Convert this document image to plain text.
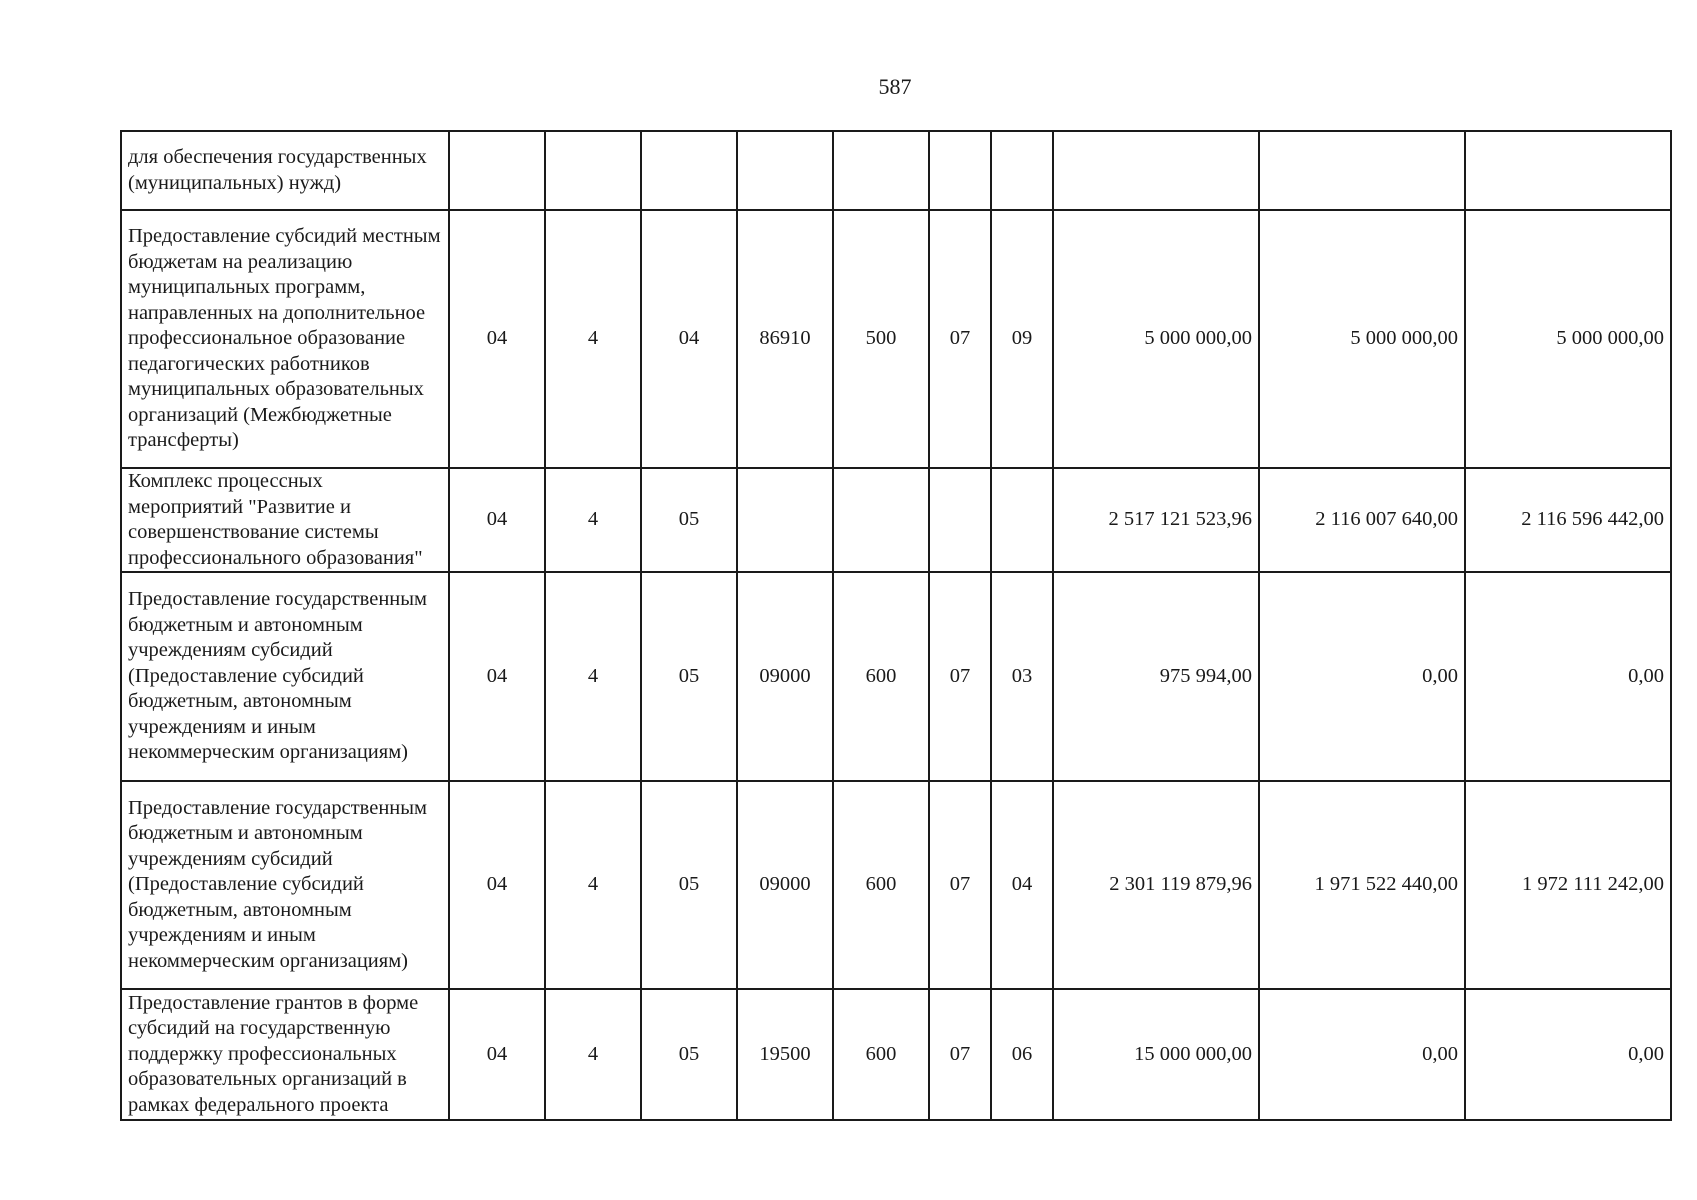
587
для обеспечения государственных (муниципальных) нужд)										
Предоставление субсидий местным бюджетам на реализацию муниципальных программ, направленных на дополнительное профессиональное образование педагогических работников муниципальных образовательных организаций (Межбюджетные трансферты)	04	4	04	86910	500	07	09	5 000 000,00	5 000 000,00	5 000 000,00
Комплекс процессных мероприятий "Развитие и совершенствование системы профессионального образования"	04	4	05					2 517 121 523,96	2 116 007 640,00	2 116 596 442,00
Предоставление государственным бюджетным и автономным учреждениям субсидий (Предоставление субсидий бюджетным, автономным учреждениям и иным некоммерческим организациям)	04	4	05	09000	600	07	03	975 994,00	0,00	0,00
Предоставление государственным бюджетным и автономным учреждениям субсидий (Предоставление субсидий бюджетным, автономным учреждениям и иным некоммерческим организациям)	04	4	05	09000	600	07	04	2 301 119 879,96	1 971 522 440,00	1 972 111 242,00

Предоставление грантов в форме субсидий на государственную поддержку профессиональных образовательных организаций в рамках федерального проекта	04	4	05	19500	600	07	06	15 000 000,00	0,00	0,00
